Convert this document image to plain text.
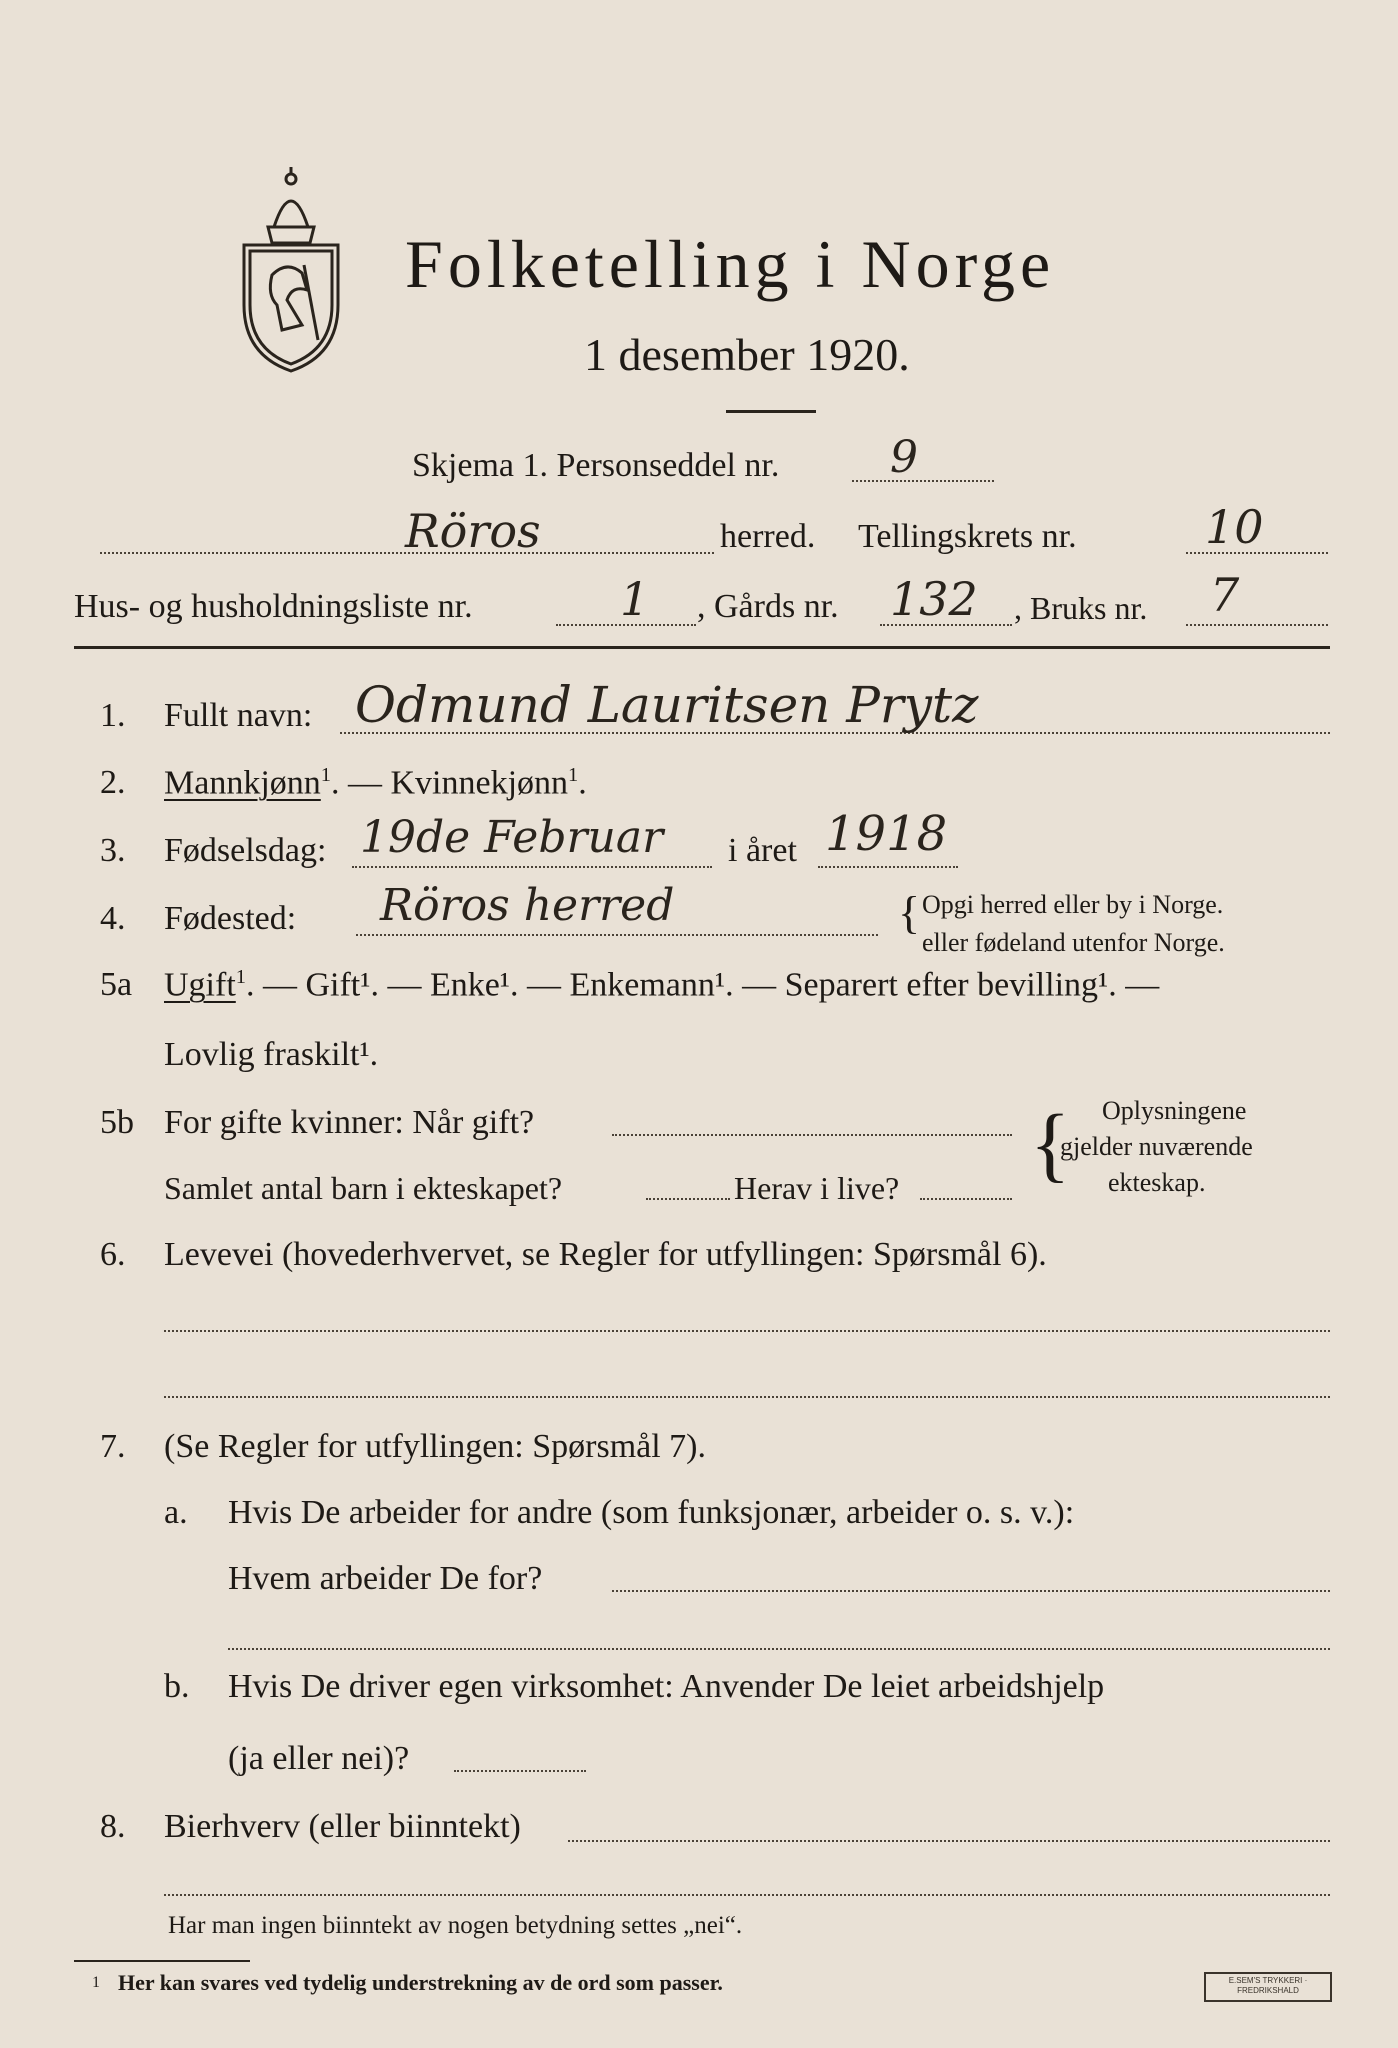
Folketelling i Norge
1 desember 1920.
Skjema 1. Personseddel nr.	9
Röros	herred. Tellingskrets nr.	10
Hus- og husholdningsliste nr.	1 , Gårds nr. 132 , Bruks nr. 7
1. Fullt navn: Odmund Lauritsen Prytz
2. Mannkjønn$^1$. — Kvinnekjønn$^1$.
3. Fødselsdag: 19de Februar i året 1918
4. Fødested: Röros herred	{ Opgi herred eller by i Norge.
eller fødeland utenfor Norge.
5a Ugift$^1$. — Gift¹. — Enke¹. — Enkemann¹. — Separert efter bevilling¹. —
Lovlig fraskilt¹.
5b For gifte kvinner: Når gift?
Samlet antal barn i ekteskapet?	Herav i live? { Oplysningene
gjelder nuværende
ekteskap.
6. Levevei (hovederhvervet, se Regler for utfyllingen: Spørsmål 6).
7. (Se Regler for utfyllingen: Spørsmål 7).
a. Hvis De arbeider for andre (som funksjonær, arbeider o. s. v.):
Hvem arbeider De for?
b. Hvis De driver egen virksomhet: Anvender De leiet arbeidshjelp
(ja eller nei)?
8. Bierhverv (eller biinntekt)
Har man ingen biinntekt av nogen betydning settes „nei“.
1 Her kan svares ved tydelig understrekning av de ord som passer.	E.SEM'S TRYKKERI · FREDRIKSHALD
